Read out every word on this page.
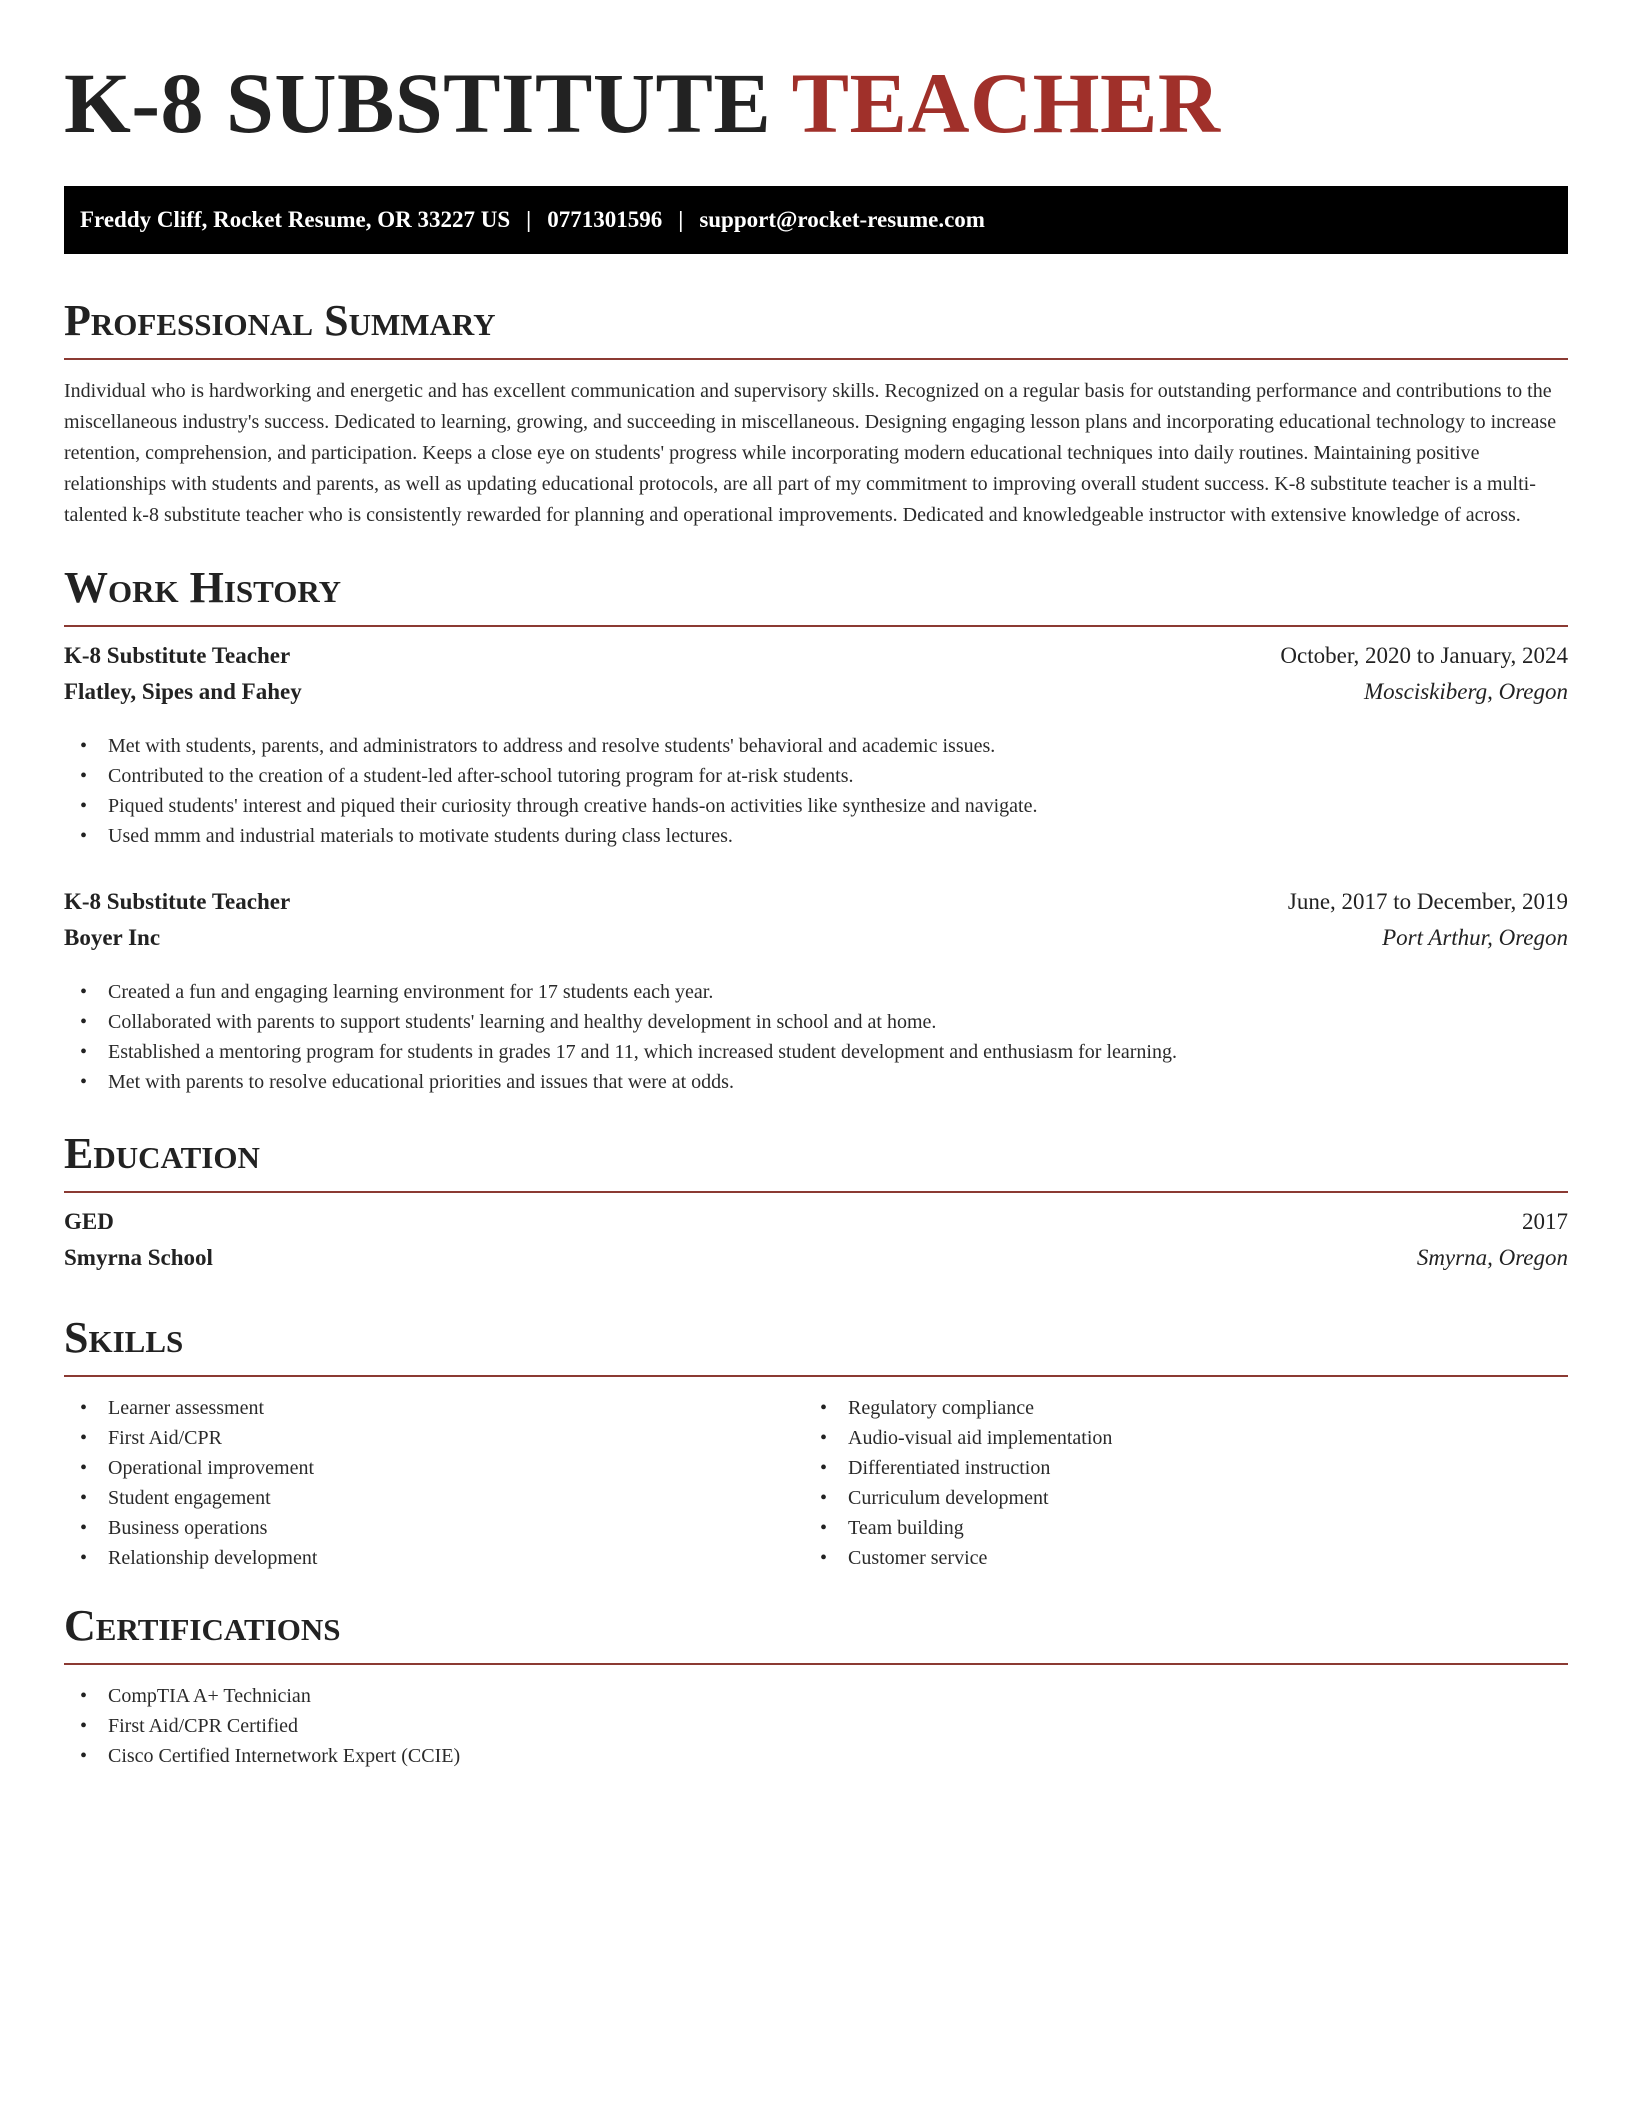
K-8 SUBSTITUTE TEACHER
Freddy Cliff, Rocket Resume, OR 33227 US | 0771301596 | support@rocket-resume.com
Professional Summary

Individual who is hardworking and energetic and has excellent communication and supervisory skills. Recognized on a regular basis for outstanding performance and contributions to the miscellaneous industry's success. Dedicated to learning, growing, and succeeding in miscellaneous. Designing engaging lesson plans and incorporating educational technology to increase retention, comprehension, and participation. Keeps a close eye on students' progress while incorporating modern educational techniques into daily routines. Maintaining positive relationships with students and parents, as well as updating educational protocols, are all part of my commitment to improving overall student success. K-8 substitute teacher is a multi-talented k-8 substitute teacher who is consistently rewarded for planning and operational improvements. Dedicated and knowledgeable instructor with extensive knowledge of across.

Work History
K-8 Substitute Teacher	October, 2020 to January, 2024
Flatley, Sipes and Fahey	Mosciskiberg, Oregon
• Met with students, parents, and administrators to address and resolve students' behavioral and academic issues.
• Contributed to the creation of a student-led after-school tutoring program for at-risk students.
• Piqued students' interest and piqued their curiosity through creative hands-on activities like synthesize and navigate.
• Used mmm and industrial materials to motivate students during class lectures.
K-8 Substitute Teacher	June, 2017 to December, 2019
Boyer Inc	Port Arthur, Oregon
• Created a fun and engaging learning environment for 17 students each year.
• Collaborated with parents to support students' learning and healthy development in school and at home.
• Established a mentoring program for students in grades 17 and 11, which increased student development and enthusiasm for learning.
• Met with parents to resolve educational priorities and issues that were at odds.
Education
GED	2017
Smyrna School	Smyrna, Oregon
Skills
• Learner assessment
• First Aid/CPR
• Operational improvement
• Student engagement
• Business operations
• Relationship development
• Regulatory compliance
• Audio-visual aid implementation
• Differentiated instruction
• Curriculum development
• Team building
• Customer service
Certifications
• CompTIA A+ Technician
• First Aid/CPR Certified
• Cisco Certified Internetwork Expert (CCIE)
